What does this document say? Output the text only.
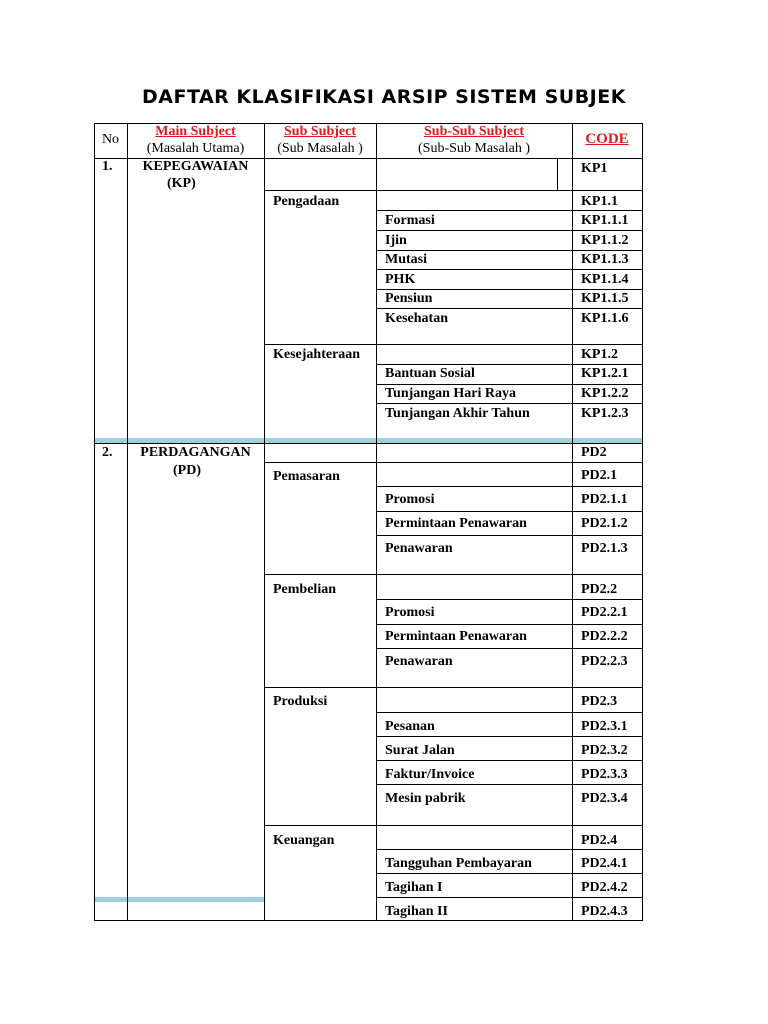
DAFTAR KLASIFIKASI ARSIP SISTEM SUBJEK
No
Main Subject
(Masalah Utama)
Sub Subject
(Sub Masalah )
Sub-Sub Subject
(Sub-Sub Masalah )
CODE
1.	KEPEGAWAIAN
(KP)
2.	PERDAGANGAN
(PD)
Pengadaan
Kesejahteraan
Pemasaran
Pembelian
Produksi
Keuangan
Formasi
Ijin
Mutasi
PHK
Pensiun
Kesehatan
Bantuan Sosial
Tunjangan Hari Raya
Tunjangan Akhir Tahun
Promosi
Permintaan Penawaran
Penawaran
Promosi
Permintaan Penawaran
Penawaran
Pesanan
Surat Jalan
Faktur/Invoice
Mesin pabrik
Tangguhan Pembayaran
Tagihan I
Tagihan II
KP1
KP1.1
KP1.1.1
KP1.1.2
KP1.1.3
KP1.1.4
KP1.1.5
KP1.1.6
KP1.2
KP1.2.1
KP1.2.2
KP1.2.3
PD2
PD2.1
PD2.1.1
PD2.1.2
PD2.1.3
PD2.2
PD2.2.1
PD2.2.2
PD2.2.3
PD2.3
PD2.3.1
PD2.3.2
PD2.3.3
PD2.3.4
PD2.4
PD2.4.1
PD2.4.2
PD2.4.3
